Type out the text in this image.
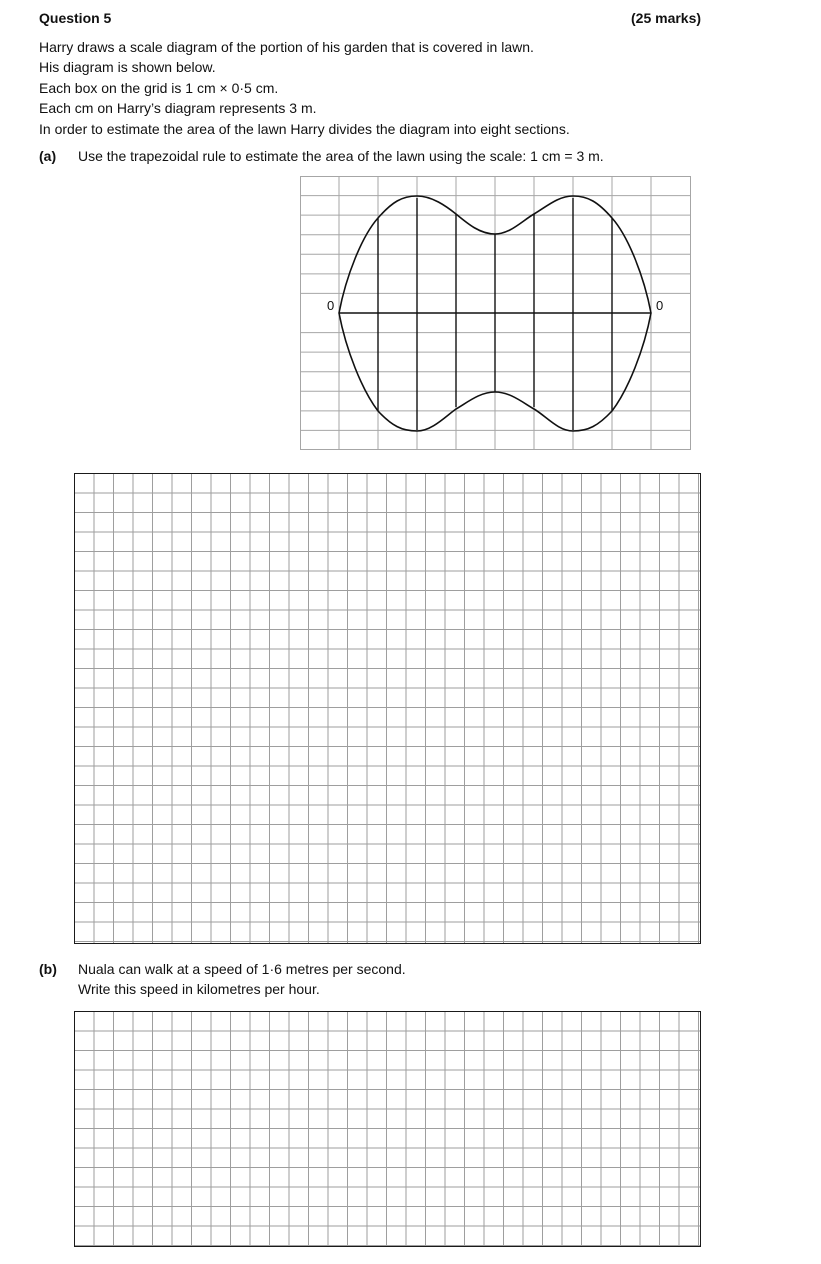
Question 5	(25 marks)
Harry draws a scale diagram of the portion of his garden that is covered in lawn.
His diagram is shown below.
Each box on the grid is 1 cm × 0·5 cm.
Each cm on Harry’s diagram represents 3 m.
In order to estimate the area of the lawn Harry divides the diagram into eight sections.
(a) Use the trapezoidal rule to estimate the area of the lawn using the scale: 1 cm = 3 m.
0	0
(b) Nuala can walk at a speed of 1·6 metres per second.
Write this speed in kilometres per hour.
